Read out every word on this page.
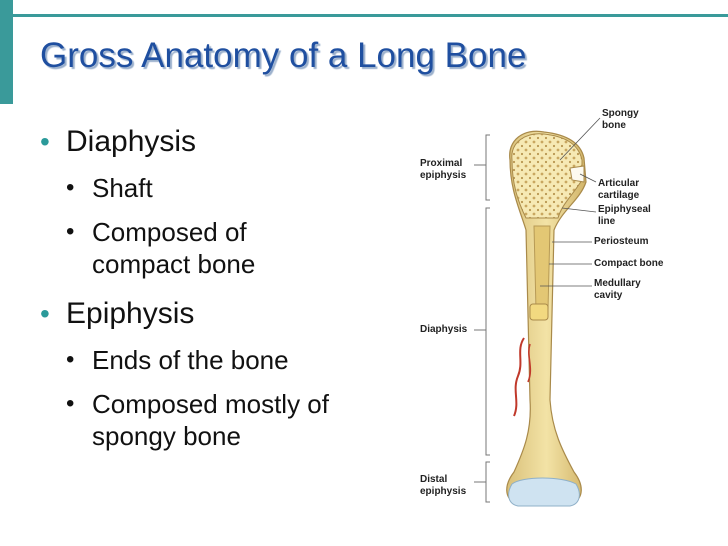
Gross Anatomy of a Long Bone
• Diaphysis
• Shaft
• Composed of
compact bone
• Epiphysis
• Ends of the bone
• Composed mostly of
spongy bone
Proximal
epiphysis
Diaphysis
Distal
epiphysis
Spongy
bone
Articular
cartilage
Epiphyseal
line
Periosteum
Compact bone
Medullary
cavity
